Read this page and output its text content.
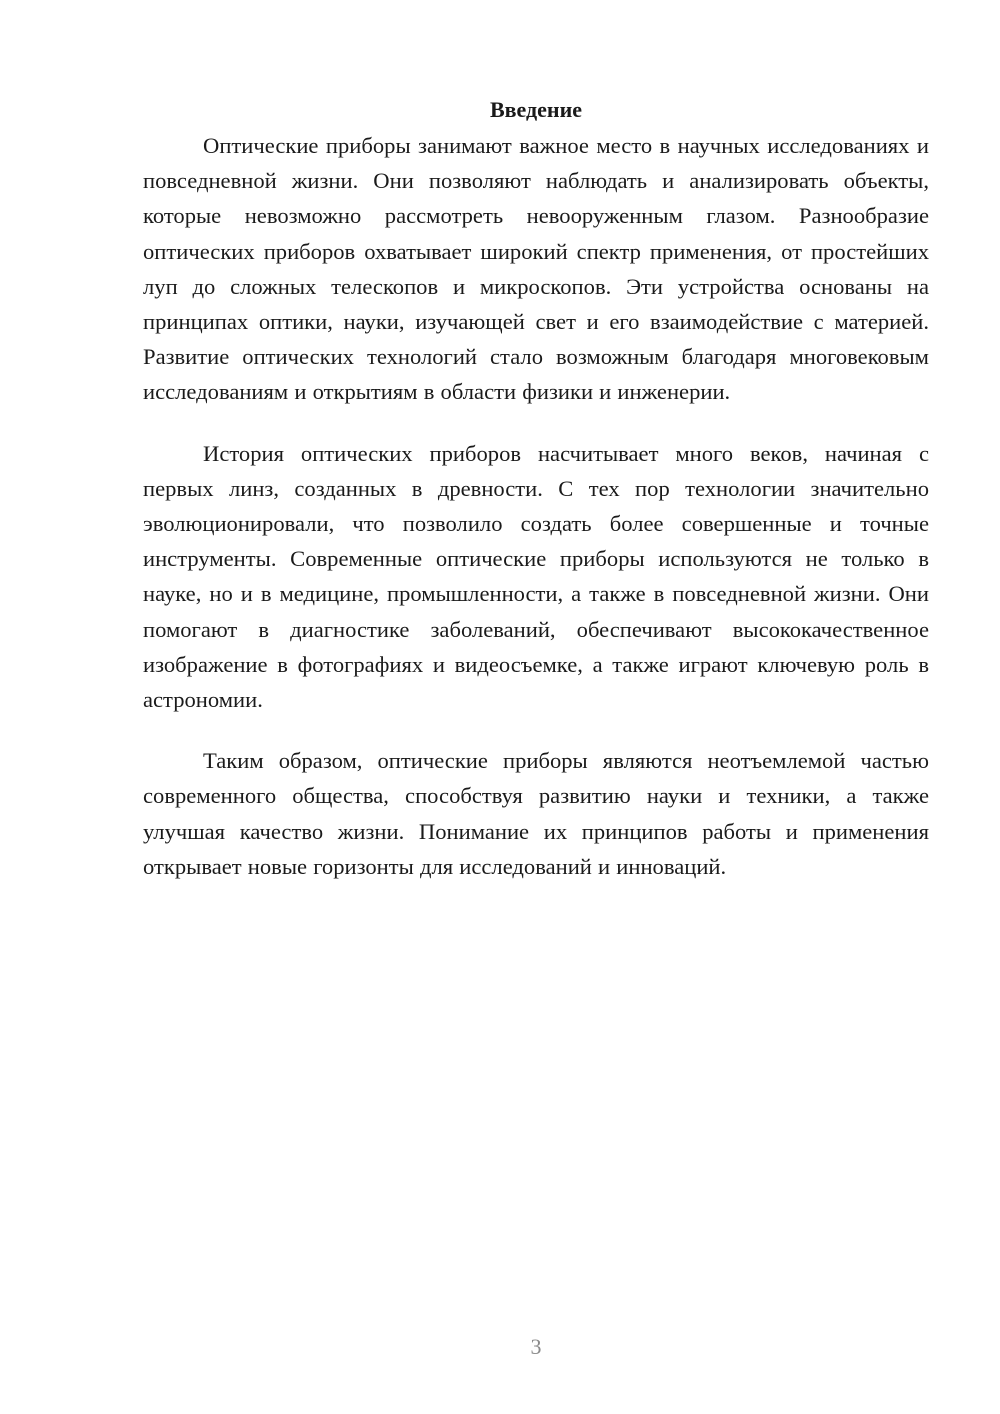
Введение

Оптические приборы занимают важное место в научных исследованиях и повседневной жизни. Они позволяют наблюдать и анализировать объекты, которые невозможно рассмотреть невооруженным глазом. Разнообразие оптических приборов охватывает широкий спектр применения, от простейших луп до сложных телескопов и микроскопов. Эти устройства основаны на принципах оптики, науки, изучающей свет и его взаимодействие с материей. Развитие оптических технологий стало возможным благодаря многовековым исследованиям и открытиям в области физики и инженерии.

История оптических приборов насчитывает много веков, начиная с первых линз, созданных в древности. С тех пор технологии значительно эволюционировали, что позволило создать более совершенные и точные инструменты. Современные оптические приборы используются не только в науке, но и в медицине, промышленности, а также в повседневной жизни. Они помогают в диагностике заболеваний, обеспечивают высококачественное изображение в фотографиях и видеосъемке, а также играют ключевую роль в астрономии.

Таким образом, оптические приборы являются неотъемлемой частью современного общества, способствуя развитию науки и техники, а также улучшая качество жизни. Понимание их принципов работы и применения открывает новые горизонты для исследований и инноваций.

3
